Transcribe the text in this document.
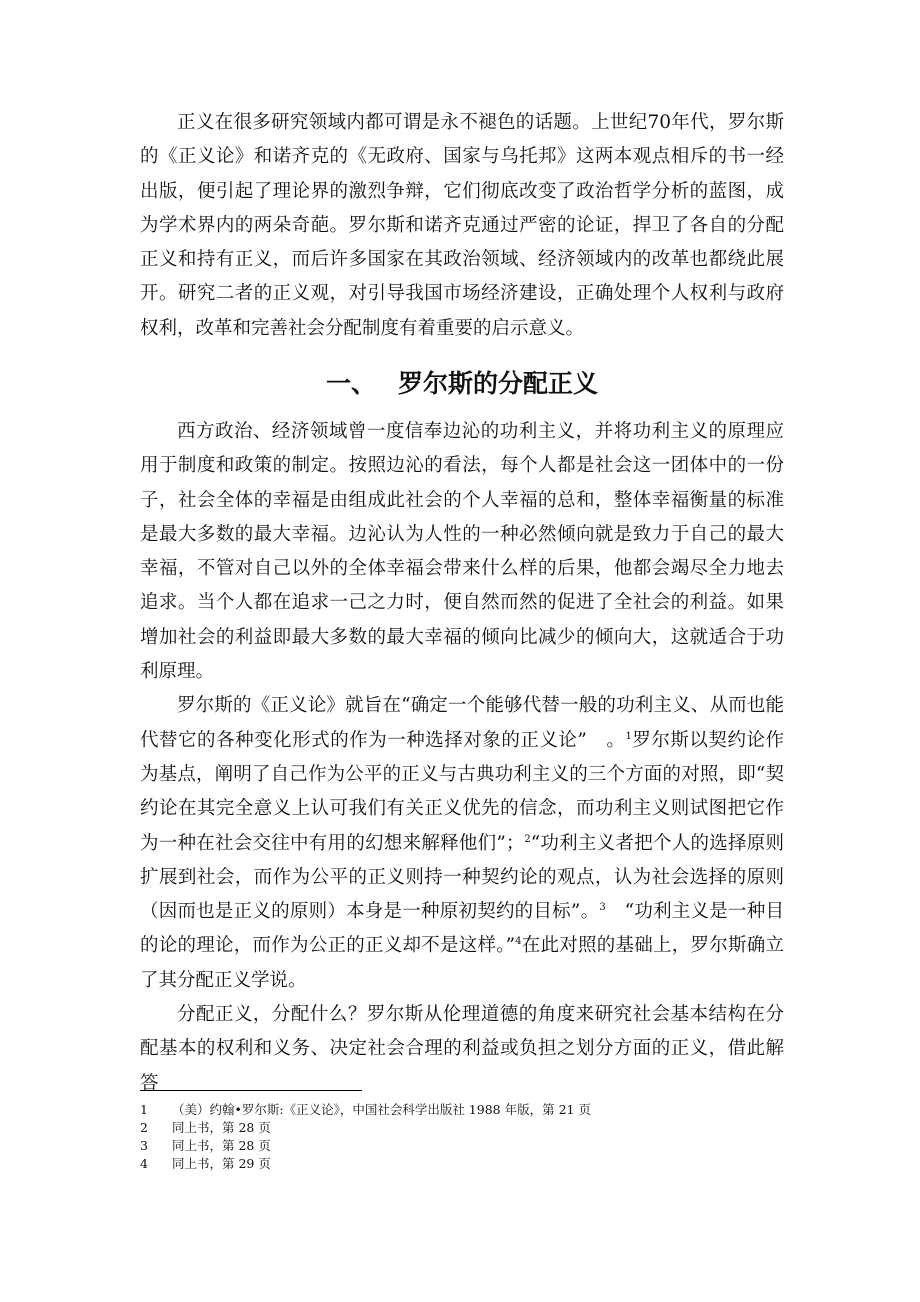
正义在很多研究领域内都可谓是永不褪色的话题。上世纪70年代，罗尔斯的《正义论》和诺齐克的《无政府、国家与乌托邦》这两本观点相斥的书一经出版，便引起了理论界的激烈争辩，它们彻底改变了政治哲学分析的蓝图，成为学术界内的两朵奇葩。罗尔斯和诺齐克通过严密的论证，捍卫了各自的分配正义和持有正义，而后许多国家在其政治领域、经济领域内的改革也都绕此展开。研究二者的正义观，对引导我国市场经济建设，正确处理个人权利与政府权利，改革和完善社会分配制度有着重要的启示意义。

一、 罗尔斯的分配正义

西方政治、经济领域曾一度信奉边沁的功利主义，并将功利主义的原理应用于制度和政策的制定。按照边沁的看法，每个人都是社会这一团体中的一份子，社会全体的幸福是由组成此社会的个人幸福的总和，整体幸福衡量的标准是最大多数的最大幸福。边沁认为人性的一种必然倾向就是致力于自己的最大幸福，不管对自己以外的全体幸福会带来什么样的后果，他都会竭尽全力地去追求。当个人都在追求一己之力时，便自然而然的促进了全社会的利益。如果增加社会的利益即最大多数的最大幸福的倾向比减少的倾向大，这就适合于功利原理。

罗尔斯的《正义论》就旨在“确定一个能够代替一般的功利主义、从而也能代替它的各种变化形式的作为一种选择对象的正义论”　。$^1$罗尔斯以契约论作为基点，阐明了自己作为公平的正义与古典功利主义的三个方面的对照，即“契约论在其完全意义上认可我们有关正义优先的信念，而功利主义则试图把它作为一种在社会交往中有用的幻想来解释他们”；$^2$“功利主义者把个人的选择原则扩展到社会，而作为公平的正义则持一种契约论的观点，认为社会选择的原则（因而也是正义的原则）本身是一种原初契约的目标”。$^3$　“功利主义是一种目的论的理论，而作为公正的正义却不是这样。”$^4$在此对照的基础上，罗尔斯确立了其分配正义学说。

分配正义，分配什么？罗尔斯从伦理道德的角度来研究社会基本结构在分配基本的权利和义务、决定社会合理的利益或负担之划分方面的正义，借此解答

1	（美）约翰•罗尔斯:《正义论》，中国社会科学出版社 1988 年版，第 21 页
2	同上书，第 28 页
3	同上书，第 28 页
4	同上书，第 29 页
